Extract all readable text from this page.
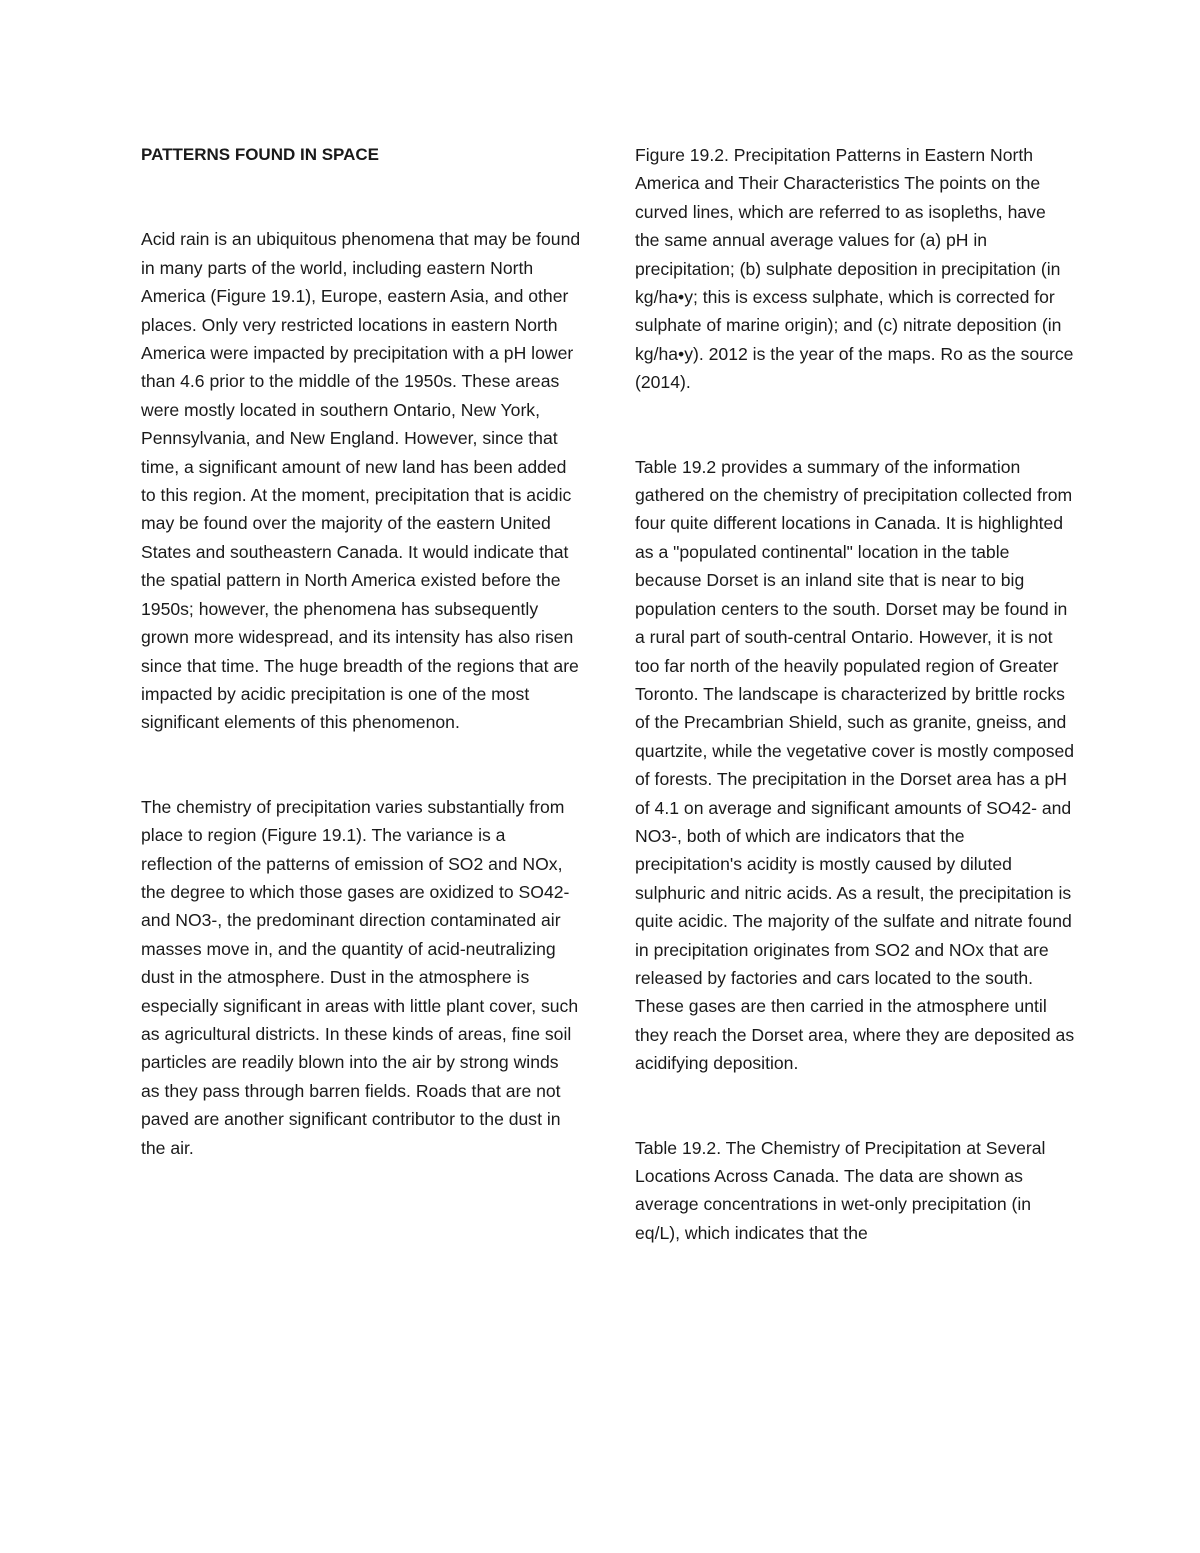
PATTERNS FOUND IN SPACE

Acid rain is an ubiquitous phenomena that may be found in many parts of the world, including eastern North America (Figure 19.1), Europe, eastern Asia, and other places. Only very restricted locations in eastern North America were impacted by precipitation with a pH lower than 4.6 prior to the middle of the 1950s. These areas were mostly located in southern Ontario, New York, Pennsylvania, and New England. However, since that time, a significant amount of new land has been added to this region. At the moment, precipitation that is acidic may be found over the majority of the eastern United States and southeastern Canada. It would indicate that the spatial pattern in North America existed before the 1950s; however, the phenomena has subsequently grown more widespread, and its intensity has also risen since that time. The huge breadth of the regions that are impacted by acidic precipitation is one of the most significant elements of this phenomenon.

The chemistry of precipitation varies substantially from place to region (Figure 19.1). The variance is a reflection of the patterns of emission of SO2 and NOx, the degree to which those gases are oxidized to SO42- and NO3-, the predominant direction contaminated air masses move in, and the quantity of acid-neutralizing dust in the atmosphere. Dust in the atmosphere is especially significant in areas with little plant cover, such as agricultural districts. In these kinds of areas, fine soil particles are readily blown into the air by strong winds as they pass through barren fields. Roads that are not paved are another significant contributor to the dust in the air.

Figure 19.2. Precipitation Patterns in Eastern North America and Their Characteristics The points on the curved lines, which are referred to as isopleths, have the same annual average values for (a) pH in precipitation; (b) sulphate deposition in precipitation (in kg/ha•y; this is excess sulphate, which is corrected for sulphate of marine origin); and (c) nitrate deposition (in kg/ha•y). 2012 is the year of the maps. Ro as the source (2014).

Table 19.2 provides a summary of the information gathered on the chemistry of precipitation collected from four quite different locations in Canada. It is highlighted as a "populated continental" location in the table because Dorset is an inland site that is near to big population centers to the south. Dorset may be found in a rural part of south-central Ontario. However, it is not too far north of the heavily populated region of Greater Toronto. The landscape is characterized by brittle rocks of the Precambrian Shield, such as granite, gneiss, and quartzite, while the vegetative cover is mostly composed of forests. The precipitation in the Dorset area has a pH of 4.1 on average and significant amounts of SO42- and NO3-, both of which are indicators that the precipitation's acidity is mostly caused by diluted sulphuric and nitric acids. As a result, the precipitation is quite acidic. The majority of the sulfate and nitrate found in precipitation originates from SO2 and NOx that are released by factories and cars located to the south. These gases are then carried in the atmosphere until they reach the Dorset area, where they are deposited as acidifying deposition.

Table 19.2. The Chemistry of Precipitation at Several Locations Across Canada. The data are shown as average concentrations in wet-only precipitation (in eq/L), which indicates that the
